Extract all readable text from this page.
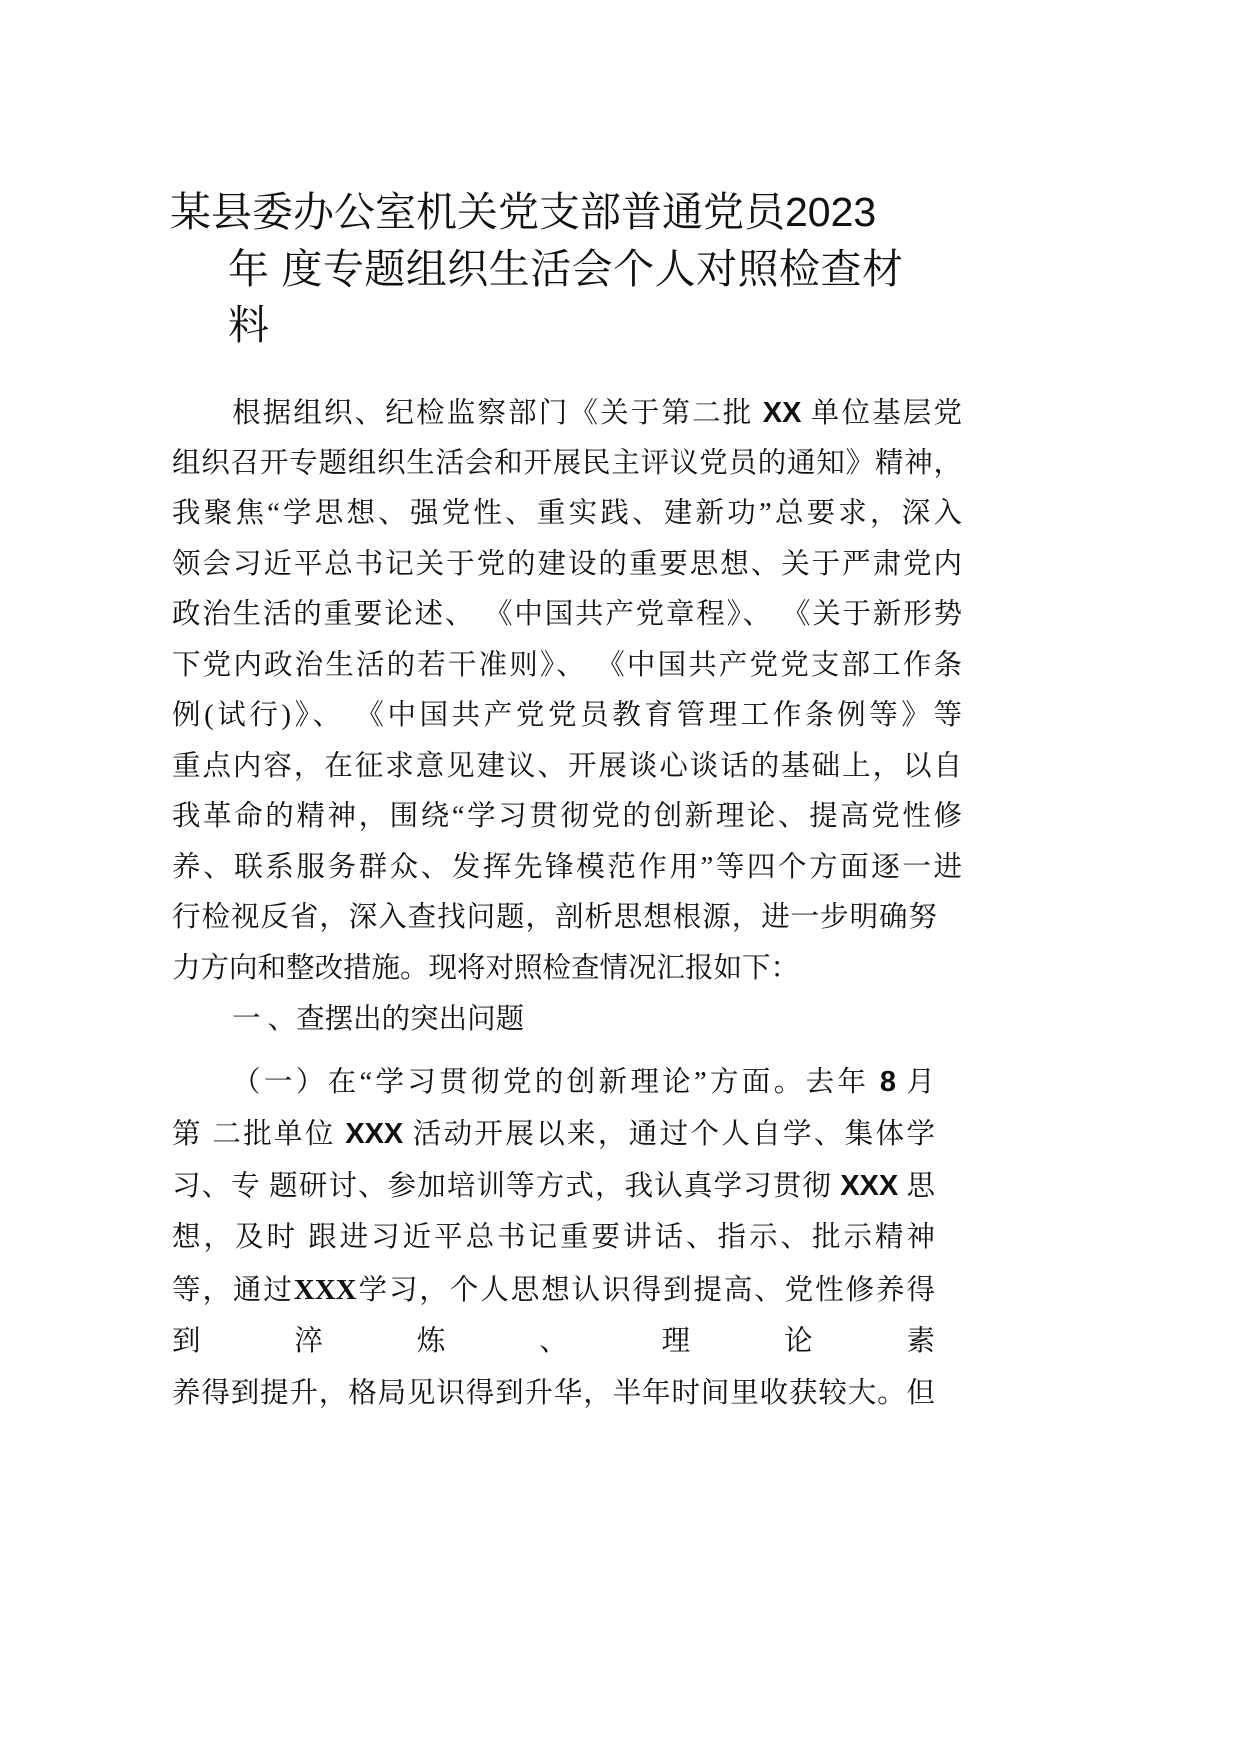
某县委办公室机关党支部普通党员2023
年 度专题组织生活会个人对照检查材
料
根据组织、纪检监察部门《关于第二批 XX 单位基层党
组织召开专题组织生活会和开展民主评议党员的通知》精神，
我聚焦“学思想、强党性、重实践、建新功”总要求，深入
领会习近平总书记关于党的建设的重要思想、关于严肃党内
政治生活的重要论述、 《中国共产党章程》、 《关于新形势
下党内政治生活的若干准则》、 《中国共产党党支部工作条
例(试行)》、 《中国共产党党员教育管理工作条例等》等
重点内容，在征求意见建议、开展谈心谈话的基础上，以自
我革命的精神，围绕“学习贯彻党的创新理论、提高党性修
养、联系服务群众、发挥先锋模范作用”等四个方面逐一进
行检视反省，深入查找问题，剖析思想根源，进一步明确努
力方向和整改措施。现将对照检查情况汇报如下：
一 、查摆出的突出问题
（一）在“学习贯彻党的创新理论”方面。去年 8 月
第 二批单位 XXX 活动开展以来，通过个人自学、集体学
习、专 题研讨、参加培训等方式，我认真学习贯彻 XXX 思
想，及时 跟进习近平总书记重要讲话、指示、批示精神
等，通过XXX学习，个人思想认识得到提高、党性修养得
到淬炼、理论素
养得到提升，格局见识得到升华，半年时间里收获较大。但
